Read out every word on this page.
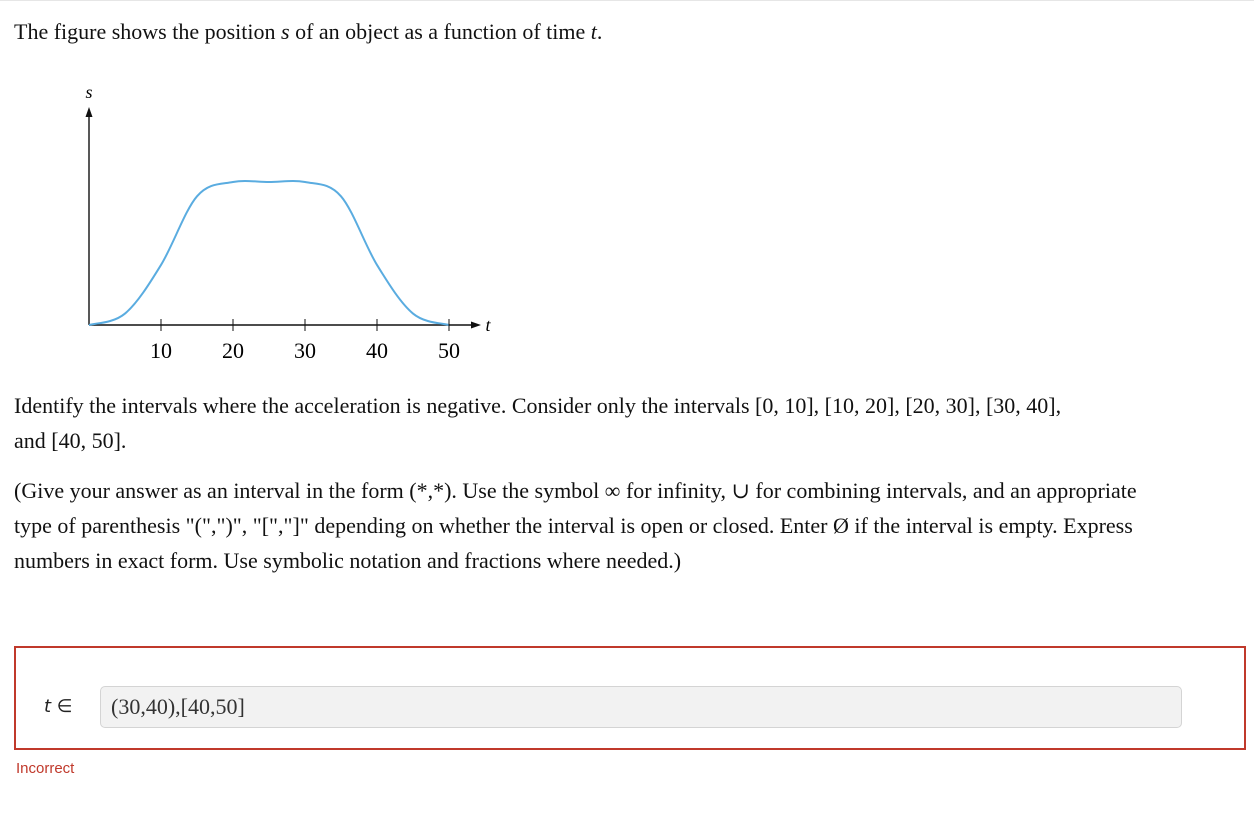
The figure shows the position s of an object as a function of time t.
s
t
10 20 30 40 50
Identify the intervals where the acceleration is negative. Consider only the intervals [0, 10], [10, 20], [20, 30], [30, 40],
and [40, 50].
(Give your answer as an interval in the form (*,*). Use the symbol ∞ for infinity, ∪ for combining intervals, and an appropriate
type of parenthesis "(",")", "[","]" depending on whether the interval is open or closed. Enter Ø if the interval is empty. Express
numbers in exact form. Use symbolic notation and fractions where needed.)
t ∈	(30,40),[40,50]
Incorrect
